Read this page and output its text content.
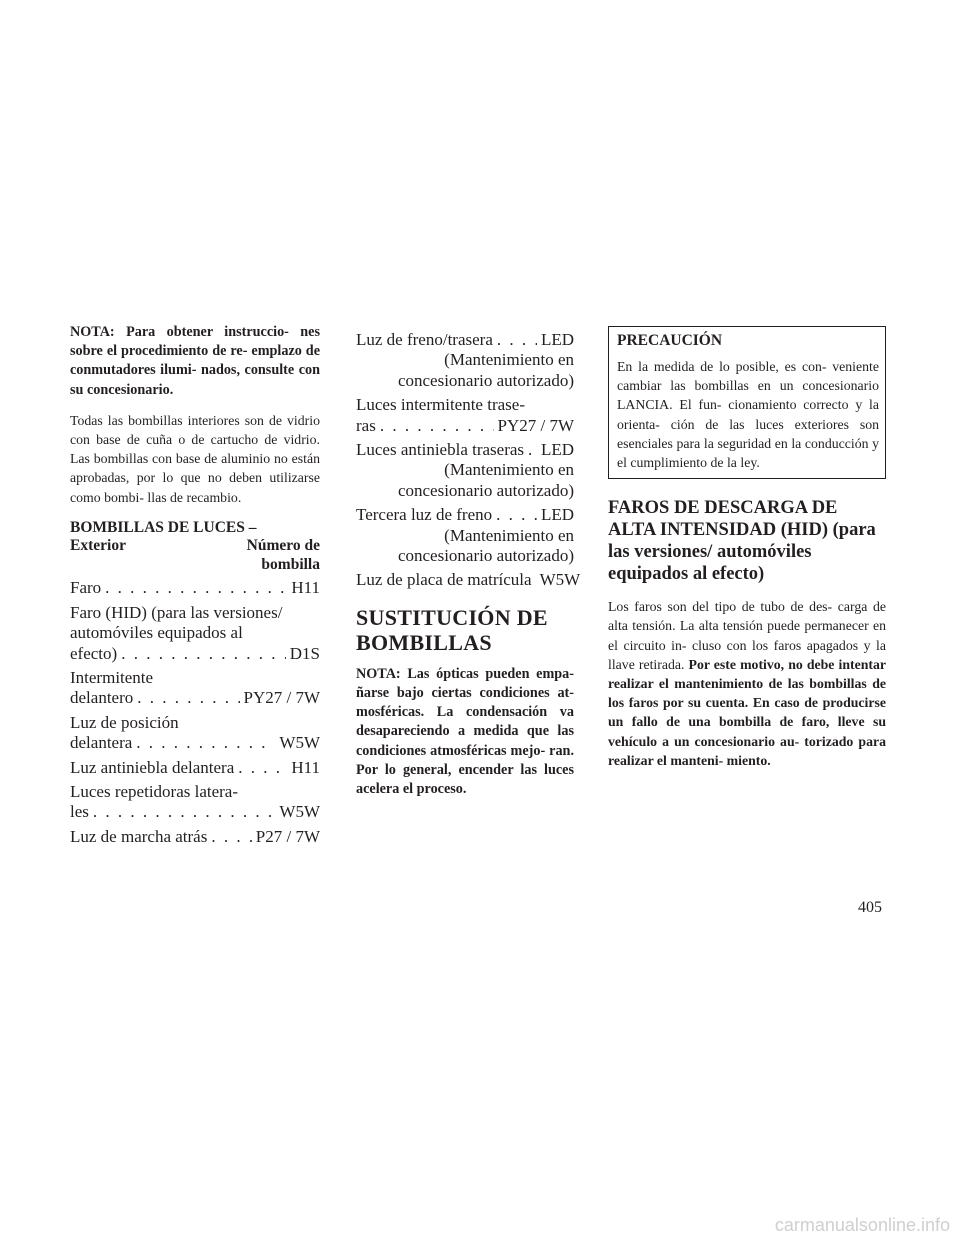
NOTA: Para obtener instruccio- nes sobre el procedimiento de re- emplazo de conmutadores ilumi- nados, consulte con su concesionario.

Todas las bombillas interiores son de vidrio con base de cuña o de cartucho de vidrio. Las bombillas con base de aluminio no están aprobadas, por lo que no deben utilizarse como bombi- llas de recambio.

BOMBILLAS DE LUCES –
Exterior	Número de
bombilla
Faro . . .	H11
Faro (HID) (para las versiones/ automóviles equipados al
efecto) . . .	D1S
Intermitente
delantero . . .	PY27 / 7W
Luz de posición
delantera . . .	W5W
Luz antiniebla delantera . . .	H11
Luces repetidoras latera-
les . . .	W5W
Luz de marcha atrás . . .	P27 / 7W
Luz de freno/trasera . . .	LED
(Mantenimiento en
concesionario autorizado)
Luces intermitente trase-
ras . . .	PY27 / 7W
Luces antiniebla traseras . . . LED
(Mantenimiento en
concesionario autorizado)
Tercera luz de freno . . .	LED
(Mantenimiento en
concesionario autorizado)
Luz de placa de matrícula W5W
SUSTITUCIÓN DE BOMBILLAS

NOTA: Las ópticas pueden empa- ñarse bajo ciertas condiciones at- mosféricas. La condensación va desapareciendo a medida que las condiciones atmosféricas mejo- ran. Por lo general, encender las luces acelera el proceso.

PRECAUCIÓN

En la medida de lo posible, es con- veniente cambiar las bombillas en un concesionario LANCIA. El fun- cionamiento correcto y la orienta- ción de las luces exteriores son esenciales para la seguridad en la conducción y el cumplimiento de la ley.

FAROS DE DESCARGA DE ALTA INTENSIDAD (HID) (para las versiones/ automóviles equipados al efecto)

Los faros son del tipo de tubo de des- carga de alta tensión. La alta tensión puede permanecer en el circuito in- cluso con los faros apagados y la llave retirada. Por este motivo, no debe intentar realizar el mantenimiento de las bombillas de los faros por su cuenta. En caso de producirse un fallo de una bombilla de faro, lleve su vehículo a un concesionario au- torizado para realizar el manteni- miento.

405
carmanualsonline.info
